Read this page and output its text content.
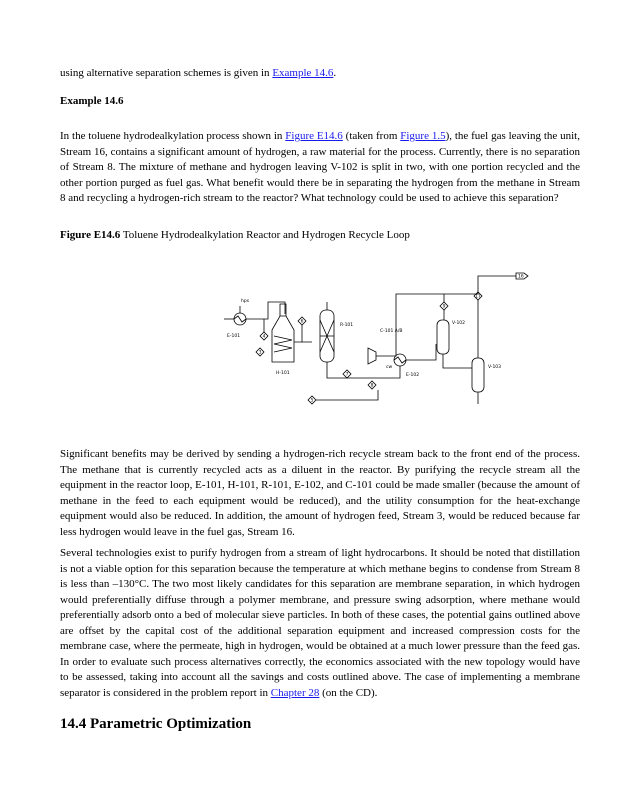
using alternative separation schemes is given in Example 14.6.

Example 14.6

In the toluene hydrodealkylation process shown in Figure E14.6 (taken from Figure 1.5), the fuel gas leaving the unit, Stream 16, contains a significant amount of hydrogen, a raw material for the process. Currently, there is no separation of Stream 8. The mixture of methane and hydrogen leaving V-102 is split in two, with one portion recycled and the other portion purged as fuel gas. What benefit would there be in separating the hydrogen from the methane in Stream 8 and recycling a hydrogen-rich stream to the reactor? What technology could be used to achieve this separation?

Figure E14.6 Toluene Hydrodealkylation Reactor and Hydrogen Recycle Loop
hps
E-101	4
H-101
6
R-101
7
8
C-101 A/B
cw
E-102
V-102
9
17
V-103
16
5
3

Significant benefits may be derived by sending a hydrogen-rich recycle stream back to the front end of the process. The methane that is currently recycled acts as a diluent in the reactor. By purifying the recycle stream all the equipment in the reactor loop, E-101, H-101, R-101, E-102, and C-101 could be made smaller (because the amount of methane in the feed to each equipment would be reduced), and the utility consumption for the heat-exchange equipment would also be reduced. In addition, the amount of hydrogen feed, Stream 3, would be reduced because far less hydrogen would leave in the fuel gas, Stream 16.

Several technologies exist to purify hydrogen from a stream of light hydrocarbons. It should be noted that distillation is not a viable option for this separation because the temperature at which methane begins to condense from Stream 8 is less than –130°C. The two most likely candidates for this separation are membrane separation, in which hydrogen would preferentially diffuse through a polymer membrane, and pressure swing adsorption, where methane would preferentially adsorb onto a bed of molecular sieve particles. In both of these cases, the potential gains outlined above are offset by the capital cost of the additional separation equipment and increased compression costs for the membrane case, where the permeate, high in hydrogen, would be obtained at a much lower pressure than the feed gas. In order to evaluate such process alternatives correctly, the economics associated with the new topology would have to be assessed, taking into account all the savings and costs outlined above. The case of implementing a membrane separator is considered in the problem report in Chapter 28 (on the CD).

14.4 Parametric Optimization
